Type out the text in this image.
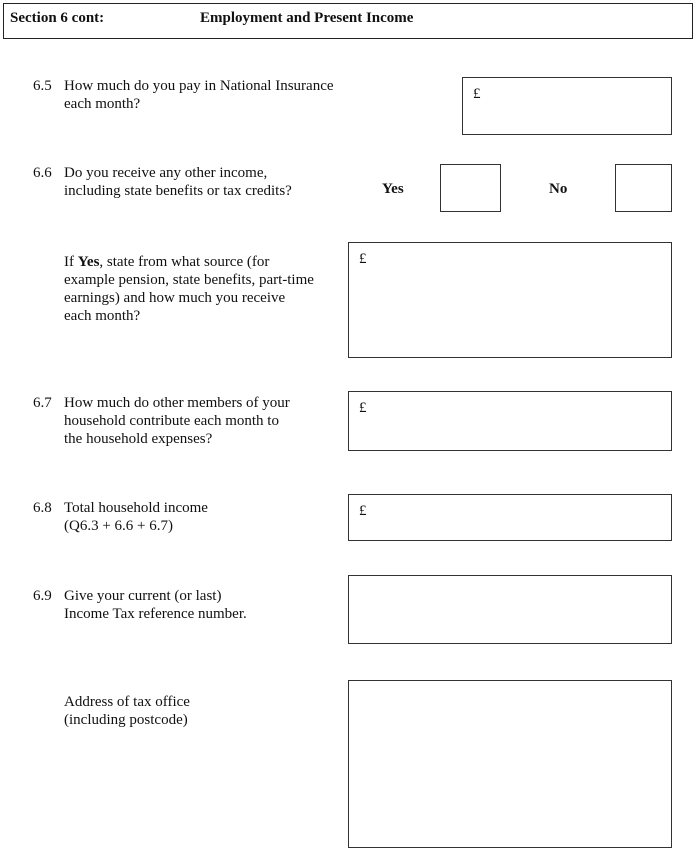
Section 6 cont:	Employment and Present Income
6.5 How much do you pay in National Insurance
each month?
£
6.6 Do you receive any other income,
including state benefits or tax credits?	Yes	No
If Yes, state from what source (for
example pension, state benefits, part-time
earnings) and how much you receive
each month?
£
6.7 How much do other members of your
household contribute each month to
the household expenses?
£
6.8 Total household income
(Q6.3 + 6.6 + 6.7)
£
6.9 Give your current (or last)
Income Tax reference number.
Address of tax office
(including postcode)
